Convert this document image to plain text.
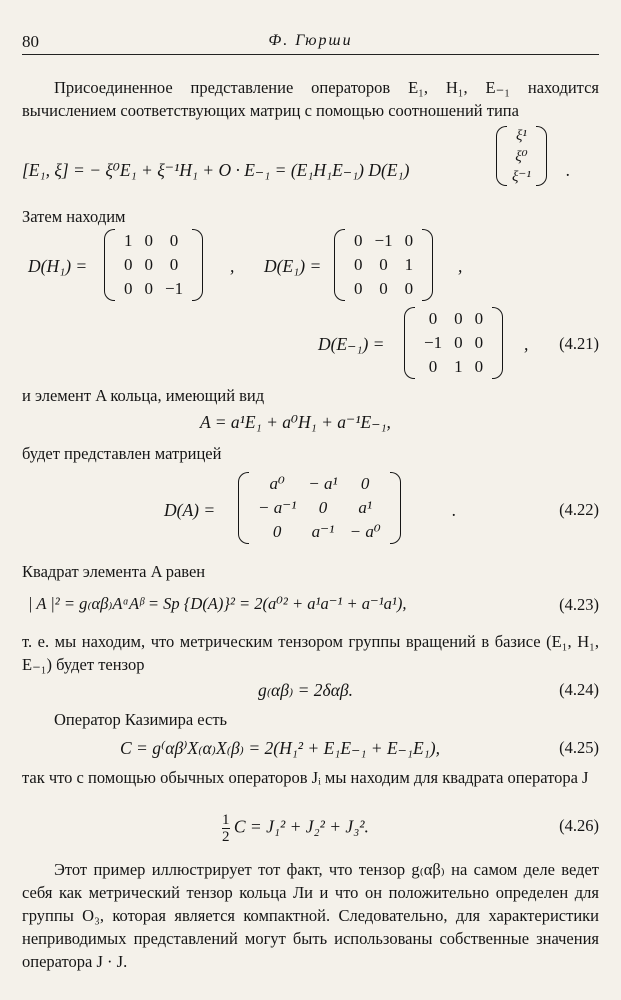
80	Ф. Гюрши
Присоединенное представление операторов E₁, H₁, E₋₁ находится вычислением соответствующих матриц с помощью соотношений типа
[E₁, ξ] = − ξ⁰E₁ + ξ⁻¹H₁ + O · E₋₁ = (E₁H₁E₋₁) D(E₁)
ξ¹
ξ⁰
ξ⁻¹ .
Затем находим
D(H₁) =
1	0	0
0	0	0
0	0	−1
, D(E₁) =
0	−1	0
0	0	1
0	0	0
,
D(E₋₁) =
0	0	0
−1	0	0
0	1	0
, (4.21)
и элемент A кольца, имеющий вид
A = a¹E₁ + a⁰H₁ + a⁻¹E₋₁,
будет представлен матрицей
D(A) =
a⁰	− a¹	0
− a⁻¹	0	a¹
0	a⁻¹	− a⁰
.	(4.22)
Квадрат элемента A равен
| A |² = g₍αβ₎AᵅAᵝ = Sp {D(A)}² = 2(a⁰² + a¹a⁻¹ + a⁻¹a¹),	(4.23)
т. е. мы находим, что метрическим тензором группы вращений в базисе (E₁, H₁, E₋₁) будет тензор
g₍αβ₎ = 2δαβ.	(4.24)
Оператор Казимира есть
C = g⁽αβ⁾X₍α₎X₍β₎ = 2(H₁² + E₁E₋₁ + E₋₁E₁),	(4.25)
так что с помощью обычных операторов Jᵢ мы находим для квадрата оператора J
$\frac{1}{2}$ C = J₁² + J₂² + J₃².	(4.26)
Этот пример иллюстрирует тот факт, что тензор g₍αβ₎ на самом деле ведет себя как метрический тензор кольца Ли и что он положительно определен для группы O₃, которая является компактной. Следовательно, для характеристики неприводимых представлений могут быть использованы собственные значения оператора J · J.
